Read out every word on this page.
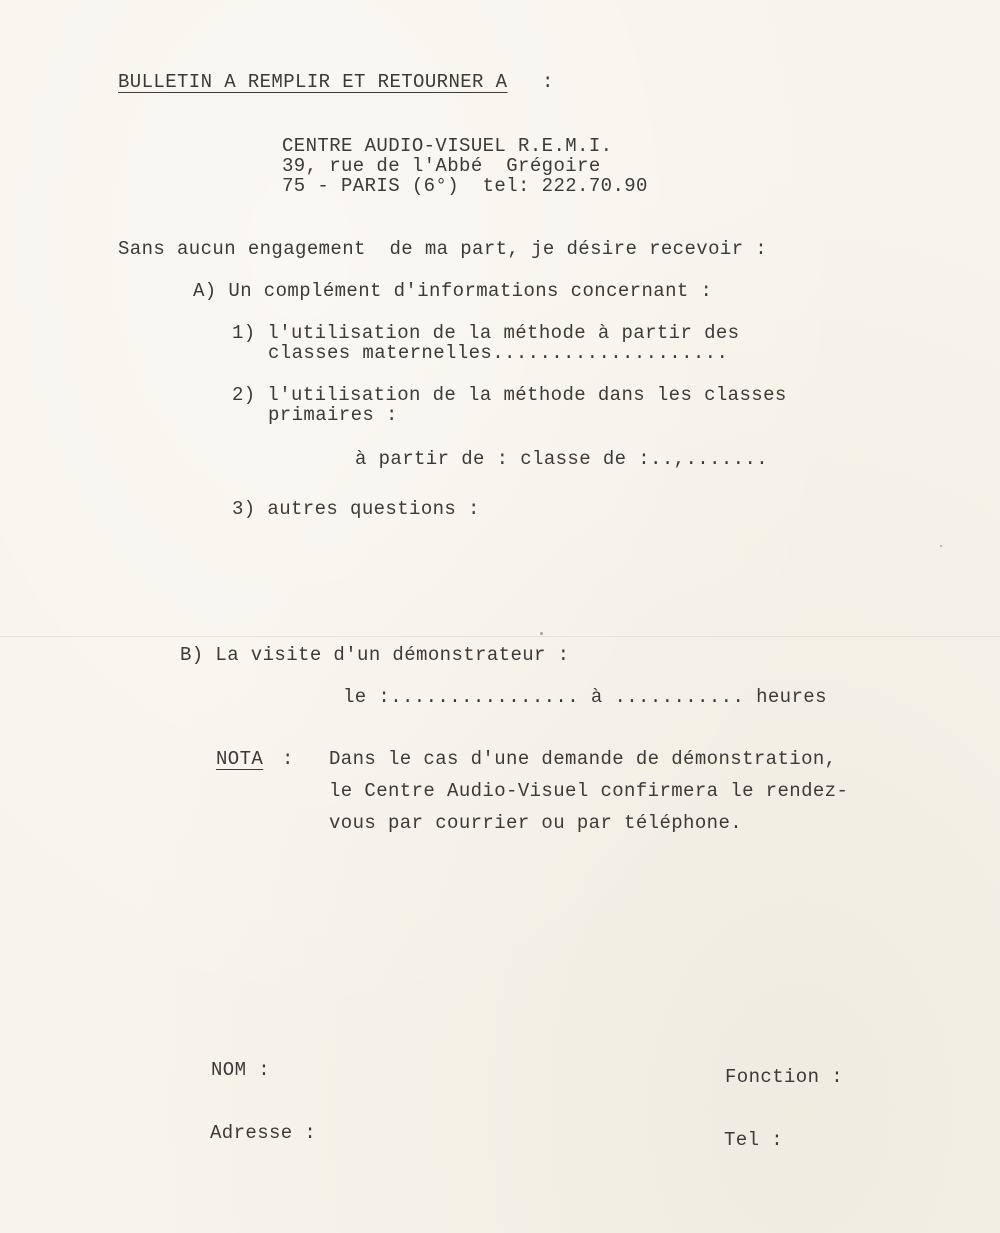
BULLETIN A REMPLIR ET RETOURNER A :
CENTRE AUDIO-VISUEL R.E.M.I.
39, rue de l'Abbé  Grégoire
75 - PARIS (6°)  tel: 222.70.90
Sans aucun engagement  de ma part, je désire recevoir :
A) Un complément d'informations concernant :
1) l'utilisation de la méthode à partir des
classes maternelles....................
2) l'utilisation de la méthode dans les classes
primaires :
à partir de : classe de :..,.......
3) autres questions :
B) La visite d'un démonstrateur :
le :................ à ........... heures
NOTA : Dans le cas d'une demande de démonstration,
le Centre Audio-Visuel confirmera le rendez-
vous par courrier ou par téléphone.
NOM :	Fonction :
Adresse :	Tel :
